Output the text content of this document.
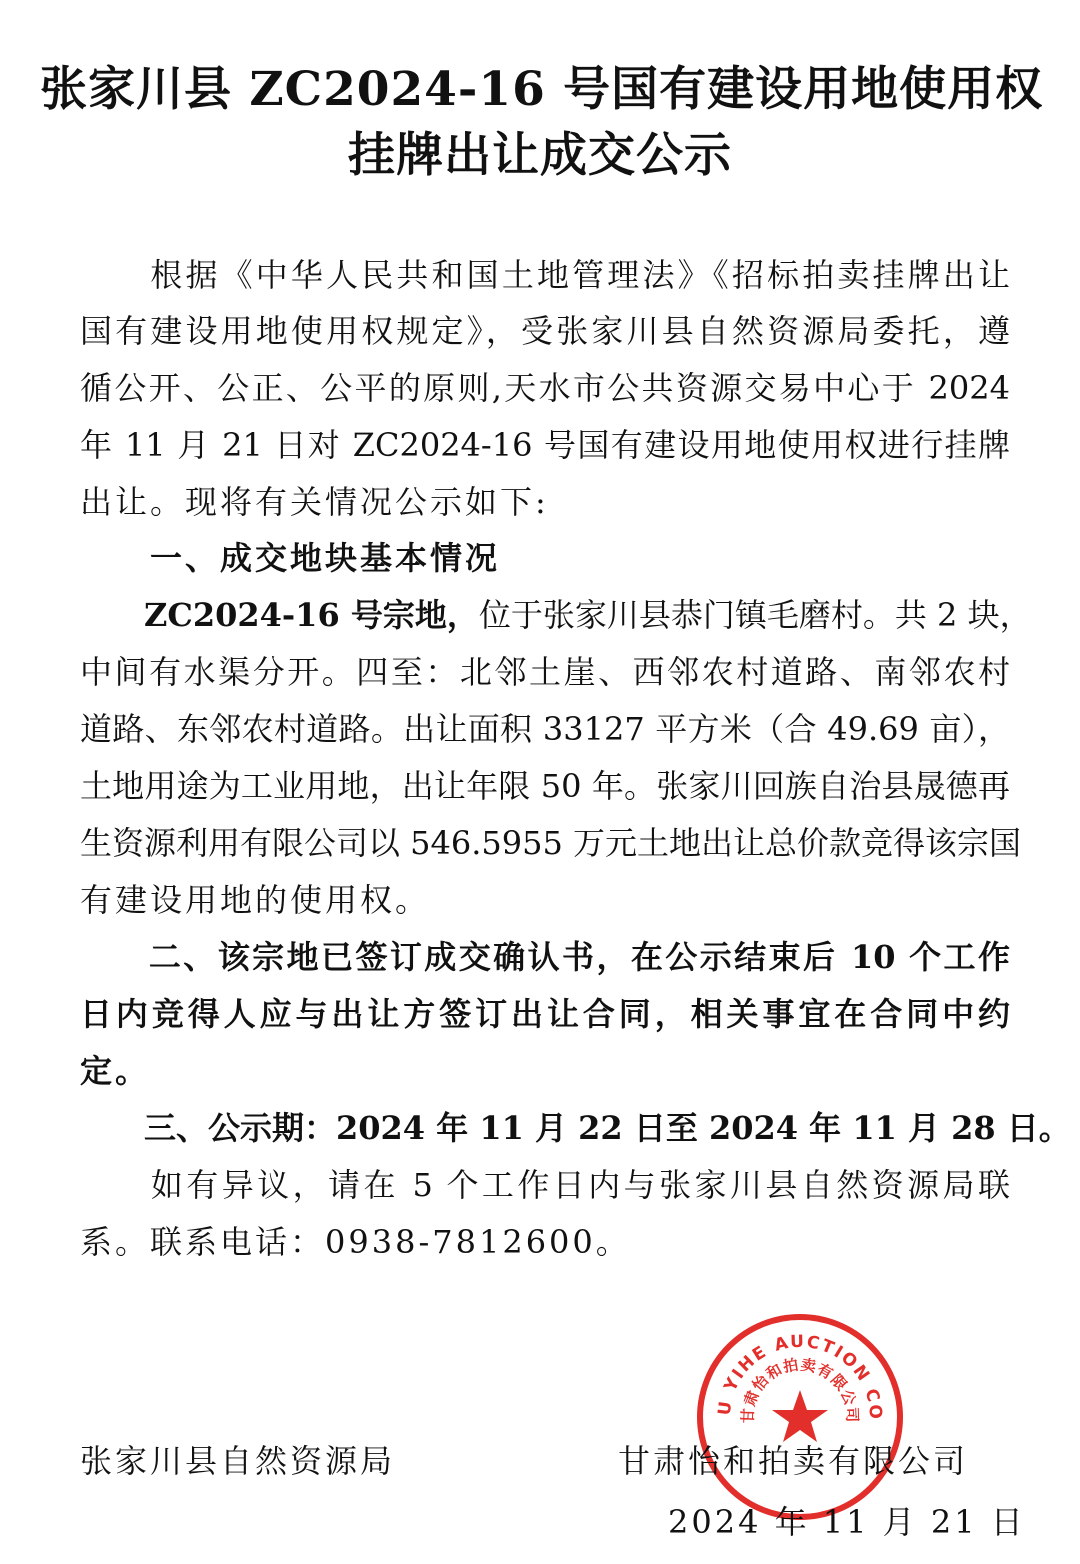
张家川县 ZC2024-16 号国有建设用地使用权
挂牌出让成交公示
　　根据《中华人民共和国土地管理法》《招标拍卖挂牌出让
国有建设用地使用权规定》，受张家川县自然资源局委托，遵
循公开、公正、公平的原则,天水市公共资源交易中心于 2024
年 11 月 21 日对 ZC2024-16 号国有建设用地使用权进行挂牌
出让。现将有关情况公示如下:
　　一、成交地块基本情况
　　ZC2024-16 号宗地，位于张家川县恭门镇毛磨村。共 2 块，
中间有水渠分开。四至：北邻土崖、西邻农村道路、南邻农村
道路、东邻农村道路。出让面积 33127 平方米（合 49.69 亩），
土地用途为工业用地，出让年限 50 年。张家川回族自治县晟德再
生资源利用有限公司以 546.5955 万元土地出让总价款竞得该宗国
有建设用地的使用权。
　　二、该宗地已签订成交确认书，在公示结束后 10 个工作
日内竞得人应与出让方签订出让合同，相关事宜在合同中约
定。
　　三、公示期：2024 年 11 月 22 日至 2024 年 11 月 28 日。
　　如有异议，请在 5 个工作日内与张家川县自然资源局联
系。联系电话：0938-7812600。
U YIHE AUCTION CO
甘肃怡和拍卖有限公司
张家川县自然资源局	甘肃怡和拍卖有限公司
2024 年 11 月 21 日
